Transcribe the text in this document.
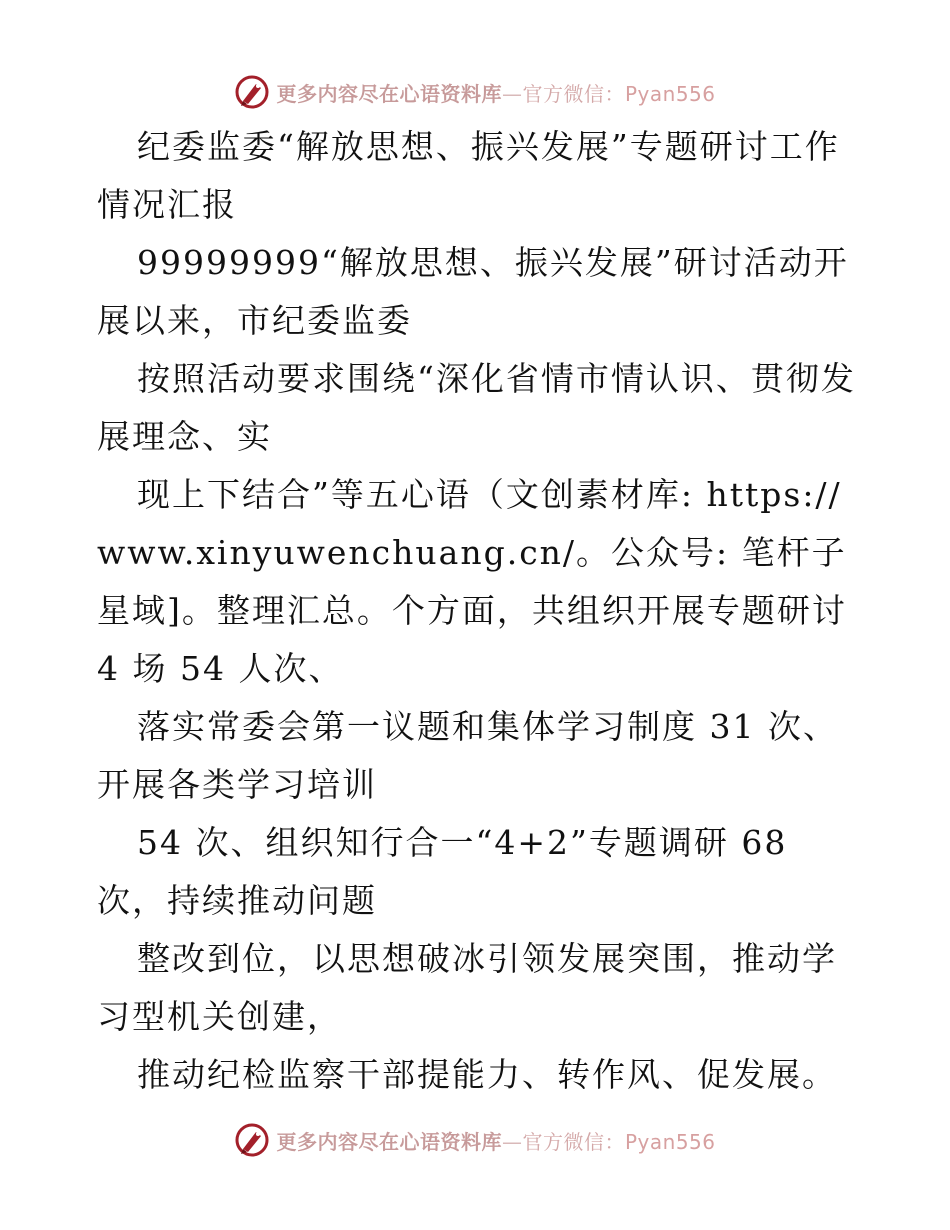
更多内容尽在心语资料库—官方微信：Pyan556

纪委监委“解放思想、振兴发展”专题研讨工作情况汇报

99999999“解放思想、振兴发展”研讨活动开展以来，市纪委监委

按照活动要求围绕“深化省情市情认识、贯彻发展理念、实

现上下结合”等五心语（文创素材库: https://www.xinyuwenchuang.cn/。公众号: 笔杆子星域]。整理汇总。个方面，共组织开展专题研讨 4 场 54 人次、

落实常委会第一议题和集体学习制度 31 次、开展各类学习培训

54 次、组织知行合一“4+2”专题调研 68 次，持续推动问题

整改到位，以思想破冰引领发展突围，推动学习型机关创建，

推动纪检监察干部提能力、转作风、促发展。

更多内容尽在心语资料库—官方微信：Pyan556
